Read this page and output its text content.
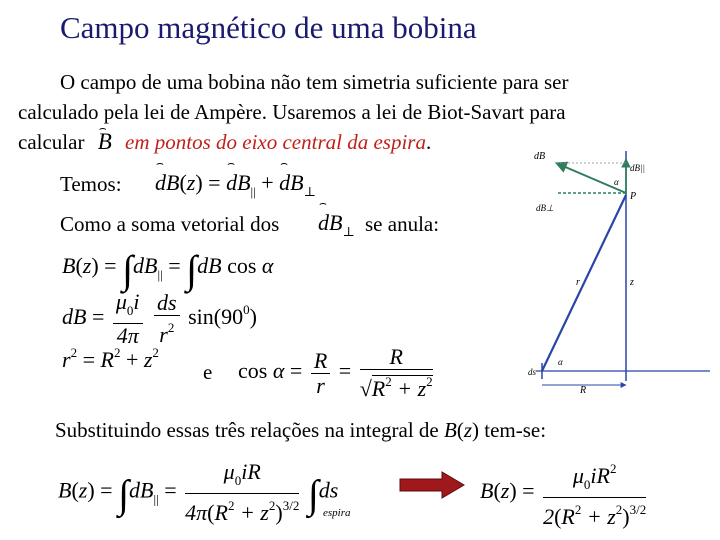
Campo magnético de uma bobina
O campo de uma bobina não tem simetria suficiente para ser
calculado pela lei de Ampère. Usaremos a lei de Biot-Savart para
calcular ⌢ B em pontos do eixo central da espira.
Temos: ⌢ dB(z) = ⌢ $dB_{||}$ + ⌢ $dB_\perp$
Como a soma vetorial dos ⌢ $dB_\perp$ se anula:
$B(z) = \int dB_{||} = \int dB$ cos α
dB = $\frac{\mu_0i}{4\pi}$
$\frac{ds}{r^2} \sin(90^0)$
$r^2 = R^2 + z^2$
e $\cos \alpha = \frac{R}{r} = \frac{R}{√R^2 + z^2}$
Substituindo essas três relações na integral de B(z) tem-se:
$B(z) = \int dB_{||} = \frac{\mu_0iR}{4\pi(R^2 + z^2)^{3/2}} \int ds$
espira
$B(z) = \frac{\mu_0iR^2}{2(R^2 + z^2)^{3/2}}$
dB
dB||
dB⊥
α
P
r	z
ds
α
R
